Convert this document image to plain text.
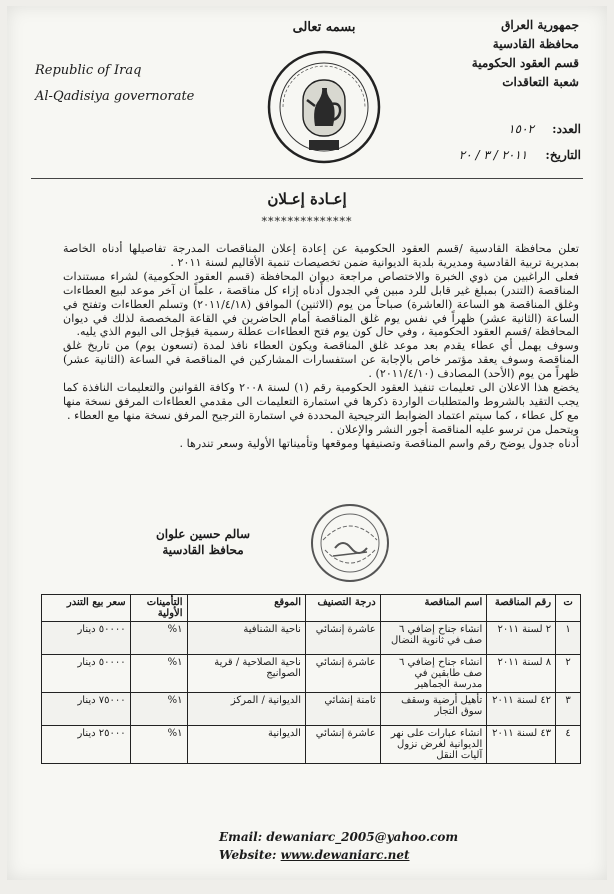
Republic of Iraq
Al-Qadisiya governorate
بسمه تعالى	جمهورية العراق
محافظة القادسية
قسم العقود الحكومية
شعبة التعاقدات
العدد: ١٥٠٢
التاريخ: ٢٠١١ / ٣ / ٢٠
إعـادة إعـلان
**************

تعلن محافظة القادسية /قسم العقود الحكومية عن إعادة إعلان المناقصات المدرجة تفاصيلها أدناه الخاصة بمديرية تربية القادسية ومديرية بلدية الديوانية ضمن تخصيصات تنمية الأقاليم لسنة ٢٠١١ .

فعلى الراغبين من ذوي الخبرة والاختصاص مراجعة ديوان المحافظة (قسم العقود الحكومية) لشراء مستندات المناقصة (التندر) بمبلغ غير قابل للرد مبين في الجدول أدناه إزاء كل مناقصة ، علماً ان آخر موعد لبيع العطاءات وغلق المناقصة هو الساعة (العاشرة) صباحاً من يوم (الاثنين) الموافق (٢٠١١/٤/١٨) وتسلم العطاءات وتفتح في الساعة (الثانية عشر) ظهراً في نفس يوم غلق المناقصة أمام الحاضرين في القاعة المخصصة لذلك في ديوان المحافظة /قسم العقود الحكومية ، وفي حال كون يوم فتح العطاءات عطلة رسمية فيؤجل الى اليوم الذي يليه.

وسوف يهمل أي عطاء يقدم بعد موعد غلق المناقصة ويكون العطاء نافذ لمدة (تسعون يوم) من تاريخ غلق المناقصة وسوف يعقد مؤتمر خاص بالإجابة عن استفسارات المشاركين في المناقصة في الساعة (الثانية عشر) ظهراً من يوم (الأحد) المصادف (٢٠١١/٤/١٠) .

يخضع هذا الاعلان الى تعليمات تنفيذ العقود الحكومية رقم (١) لسنة ٢٠٠٨ وكافة القوانين والتعليمات النافذة كما يجب التقيد بالشروط والمتطلبات الواردة ذكرها في استمارة التعليمات الى مقدمي العطاءات المرفق نسخة منها مع كل عطاء ، كما سيتم اعتماد الضوابط الترجيحية المحددة في استمارة الترجيح المرفق نسخة منها مع العطاء .

ويتحمل من ترسو عليه المناقصة أجور النشر والإعلان .

أدناه جدول يوضح رقم واسم المناقصة وتصنيفها وموقعها وتأميناتها الأولية وسعر تندرها .

سالم حسين علوان
محافظ القادسية
ت	رقم المناقصة	اسم المناقصة	درجة التصنيف	الموقع	التأمينات الأولية	سعر بيع التندر
١	٢ لسنة ٢٠١١	انشاء جناح إضافي ٦ صف في ثانوية النضال	عاشرة إنشائي	ناحية الشنافية	١%	٥٠٠٠٠ دينار
٢	٨ لسنة ٢٠١١	انشاء جناح إضافي ٦ صف طابقين في مدرسة الجماهير	عاشرة إنشائي	ناحية الصلاحية / قرية الصوانيج	١%	٥٠٠٠٠ دينار
٣	٤٢ لسنة ٢٠١١	تأهيل أرضية وسقف سوق التجار	ثامنة إنشائي	الديوانية / المركز	١%	٧٥٠٠٠ دينار
٤	٤٣ لسنة ٢٠١١	انشاء عبارات على نهر الديوانية لغرض نزول آليات النقل	عاشرة إنشائي	الديوانية	١%	٢٥٠٠٠ دينار
Email: dewaniarc_2005@yahoo.com
Website: www.dewaniarc.net
